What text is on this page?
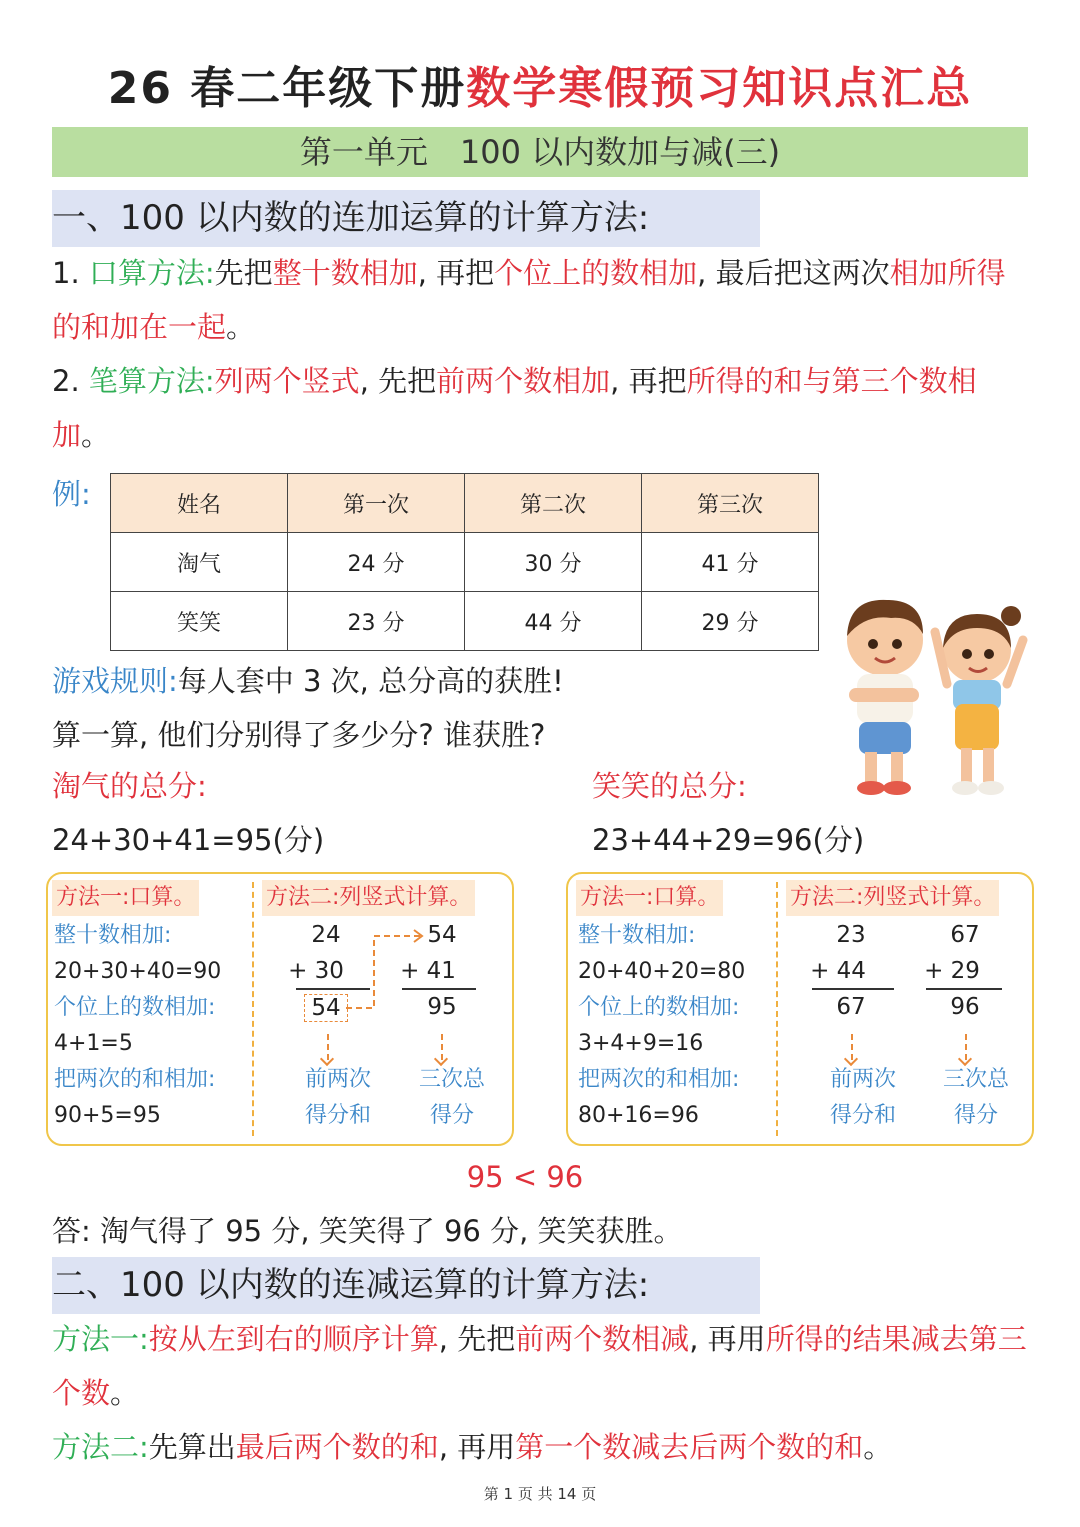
26 春二年级下册数学寒假预习知识点汇总
第一单元　100 以内数加与减(三)
一、100 以内数的连加运算的计算方法:
1. 口算方法:先把整十数相加, 再把个位上的数相加, 最后把这两次相加所得的和加在一起。
2. 笔算方法:列两个竖式, 先把前两个数相加, 再把所得的和与第三个数相加。
例:	姓名	第一次	第二次	第三次
淘气	24 分	30 分	41 分
笑笑	23 分	44 分	29 分
游戏规则:每人套中 3 次, 总分高的获胜!
算一算, 他们分别得了多少分? 谁获胜?
淘气的总分:
24+30+41=95(分)
笑笑的总分:
23+44+29=96(分)
方法一:口算。
整十数相加:
20+30+40=90
个位上的数相加:
4+1=5
把两次的和相加:
90+5=95
方法二:列竖式计算。
24
+ 30
54
54
+ 41
95
前两次
得分和
三次总
得分
方法一:口算。
整十数相加:
20+40+20=80
个位上的数相加:
3+4+9=16
把两次的和相加:
80+16=96
方法二:列竖式计算。
23
+ 44
67
67
+ 29
96
前两次
得分和
三次总
得分
95 < 96
答: 淘气得了 95 分, 笑笑得了 96 分, 笑笑获胜。
二、100 以内数的连减运算的计算方法:
方法一:按从左到右的顺序计算, 先把前两个数相减, 再用所得的结果减去第三个数。
方法二:先算出最后两个数的和, 再用第一个数减去后两个数的和。
第 1 页 共 14 页
